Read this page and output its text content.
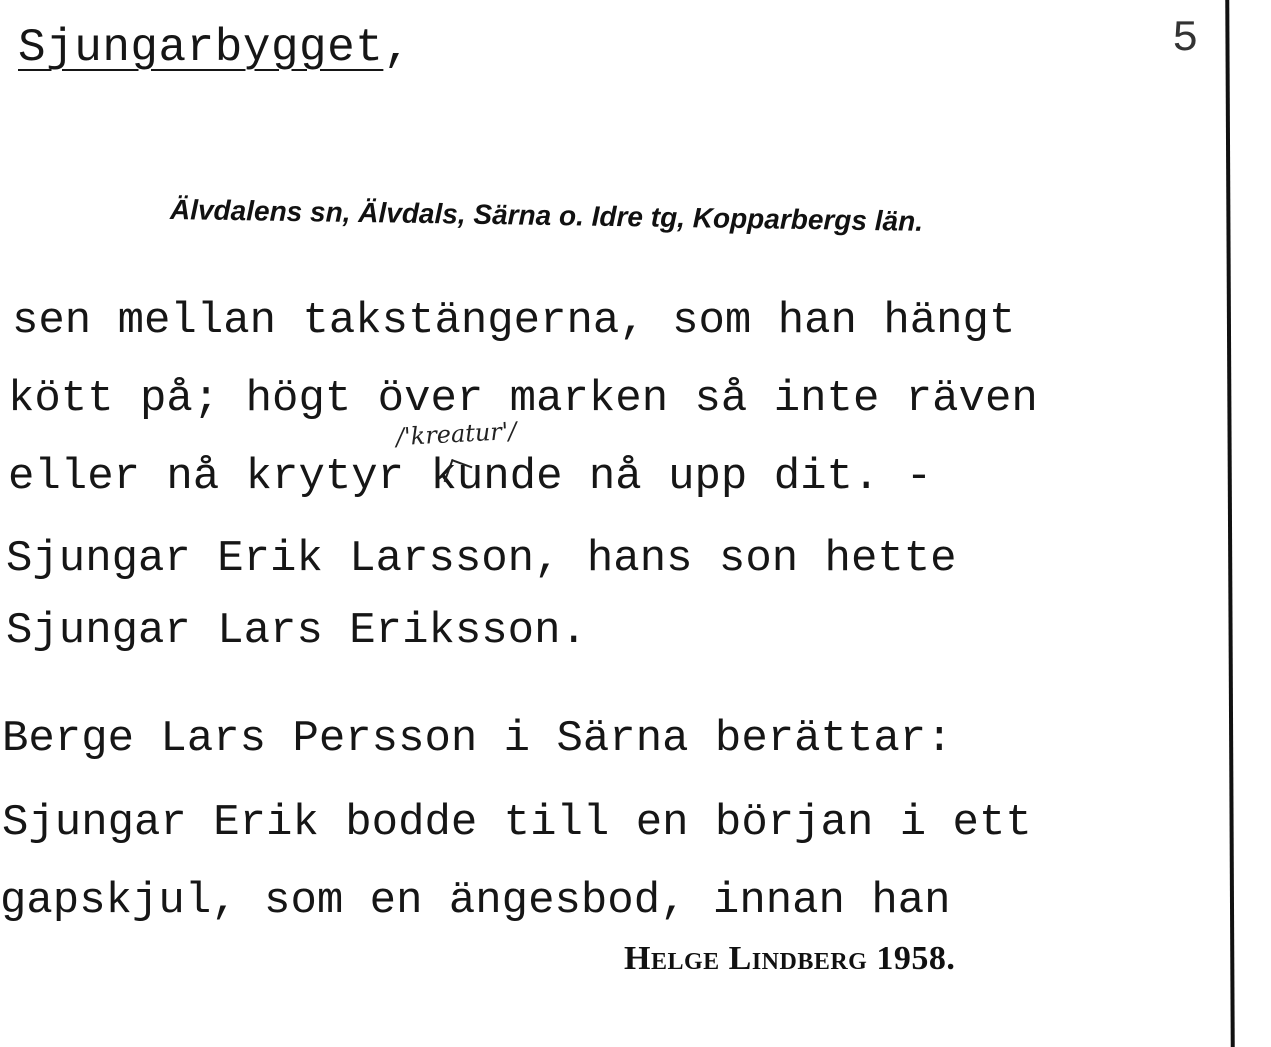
Sjungarbygget,	5
Älvdalens sn, Älvdals, Särna o. Idre tg, Kopparbergs län.
sen mellan takstängerna, som han hängt
kött på; högt över marken så inte räven
eller nå krytyr kunde nå upp dit. -
Sjungar Erik Larsson, hans son hette
Sjungar Lars Eriksson.
Berge Lars Persson i Särna berättar:
Sjungar Erik bodde till en början i ett
gapskjul, som en ängesbod, innan han
/'kreatur'/
Helge Lindberg 1958.
